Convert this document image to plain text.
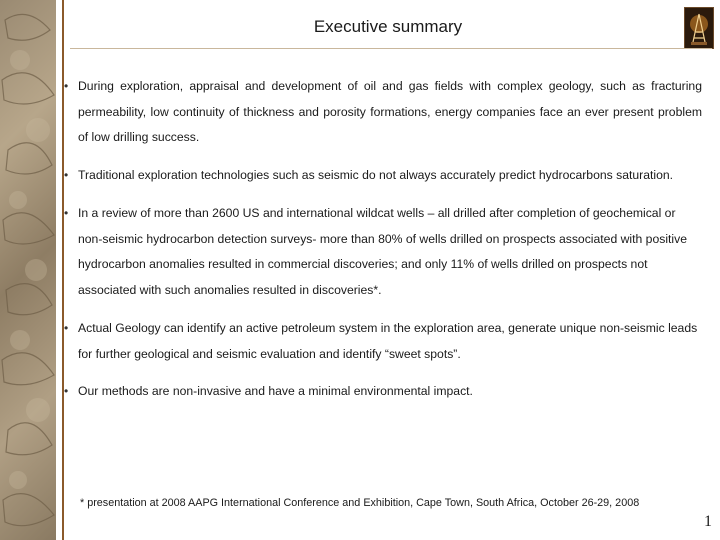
Executive summary
• During exploration, appraisal and development of oil and gas fields with complex geology, such as fracturing permeability, low continuity of thickness and porosity formations, energy companies face an ever present problem of low drilling success.
• Traditional exploration technologies such as seismic do not always accurately predict hydrocarbons saturation.
• In a review of more than 2600 US and international wildcat wells – all drilled after completion of geochemical or non-seismic hydrocarbon detection surveys- more than 80% of wells drilled on prospects associated with positive hydrocarbon anomalies resulted in commercial discoveries; and only 11% of wells drilled on prospects not associated with such anomalies resulted in discoveries*.
• Actual Geology can identify an active petroleum system in the exploration area, generate unique non-seismic leads for further geological and seismic evaluation and identify “sweet spots”.
• Our methods are non-invasive and have a minimal environmental impact.
* presentation at 2008 AAPG International Conference and Exhibition, Cape Town, South Africa, October 26-29, 2008
1
